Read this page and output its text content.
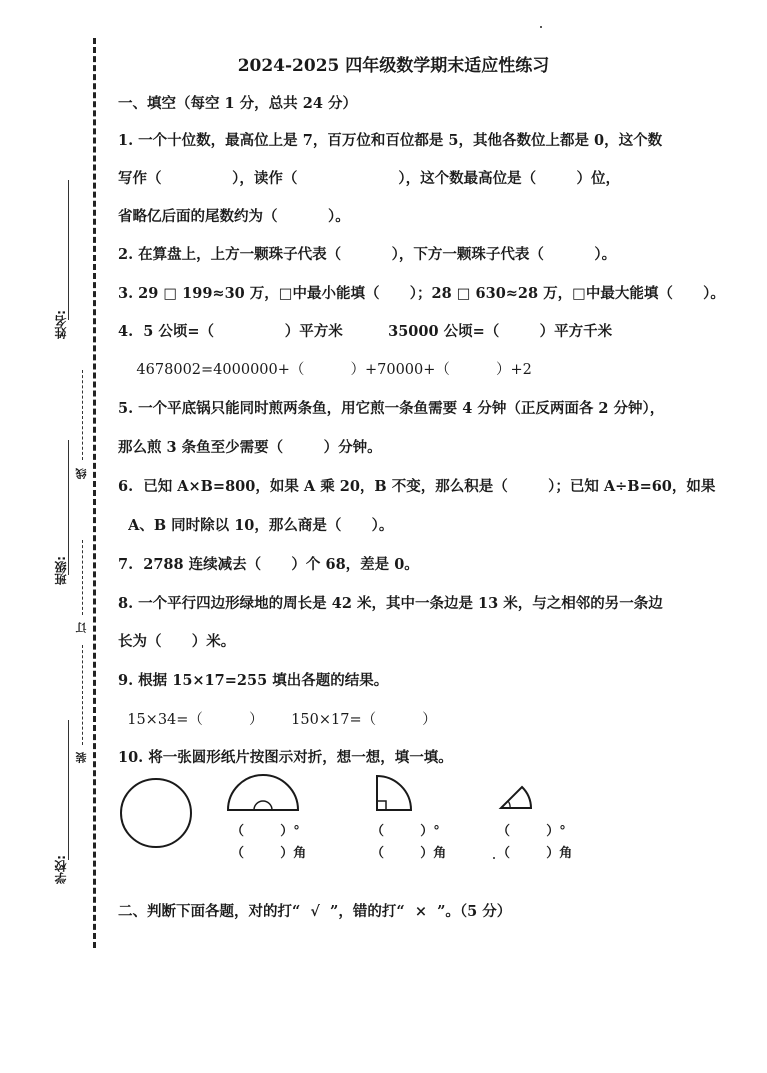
姓名:
班级:
学校:
线
订
装
2024-2025 四年级数学期末适应性练习
一、填空（每空 1 分，总共 24 分）
1. 一个十位数，最高位上是 7，百万位和百位都是 5，其他各数位上都是 0，这个数
写作（              ），读作（                    ），这个数最高位是（        ）位，
省略亿后面的尾数约为（          ）。
2. 在算盘上，上方一颗珠子代表（          ），下方一颗珠子代表（          ）。
3. 29 □ 199≈30 万，□中最小能填（      ）；28 □ 630≈28 万，□中最大能填（      ）。
4.  5 公顷=（              ）平方米         35000 公顷=（        ）平方千米
4678002=4000000+（          ）+70000+（          ）+2
5. 一个平底锅只能同时煎两条鱼，用它煎一条鱼需要 4 分钟（正反两面各 2 分钟），
那么煎 3 条鱼至少需要（        ）分钟。
6.  已知 A×B=800，如果 A 乘 20，B 不变，那么积是（        ）；已知 A÷B=60，如果
A、B 同时除以 10，那么商是（      ）。
7.  2788 连续减去（      ）个 68，差是 0。
8. 一个平行四边形绿地的周长是 42 米，其中一条边是 13 米，与之相邻的另一条边
长为（      ）米。
9. 根据 15×17=255 填出各题的结果。
15×34=（          ）      150×17=（          ）
10. 将一张圆形纸片按图示对折，想一想，填一填。
（        ）°
（        ）角
（        ）°
（        ）角
（        ）°
（        ）角
二、判断下面各题，对的打“  √  ”，错的打“  ×  ”。（5 分）
